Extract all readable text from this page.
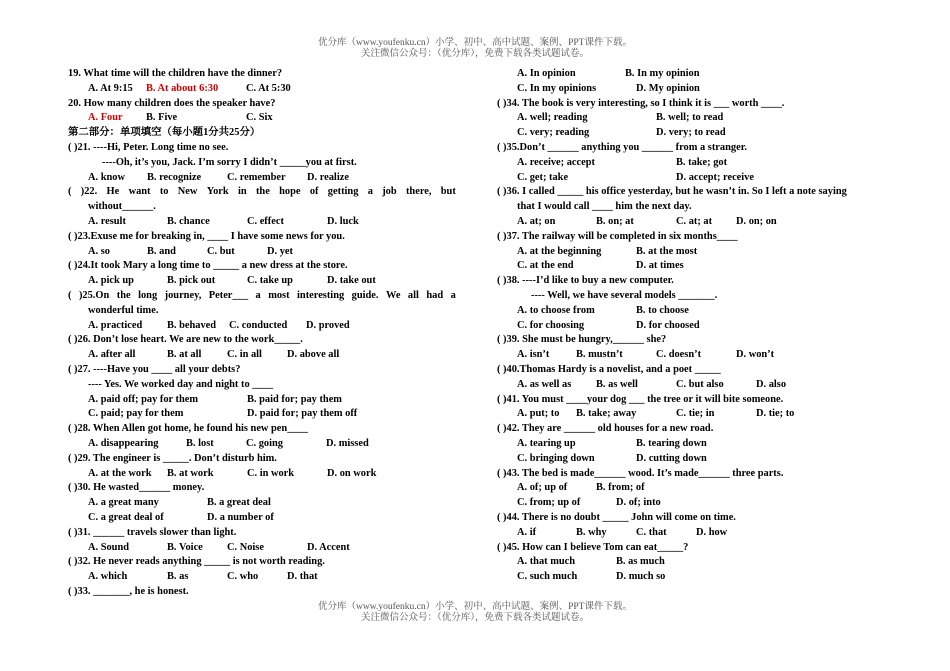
优分库（www.youfenku.cn）小学、初中、高中试题、案例、PPT课件下载。
关注微信公众号：（优分库），免费下载各类试题试卷。
19. What time will the children have the dinner?
A. At 9:15	B. At about 6:30	C. At 5:30
20. How many children does the speaker have?
A. Four	B. Five	C. Six
第二部分：单项填空（每小题1分共25分）
( )21. ----Hi, Peter. Long time no see.
----Oh, it’s you, Jack. I’m sorry I didn’t _____you at first.
A. know	B. recognize	C. remember	D. realize
( )22. He want to New York in the hope of getting a job there, but
without______.
A. result	B. chance	C. effect	D. luck
( )23.Exuse me for breaking in, ____ I have some news for you.
A. so	B. and	C. but	D. yet
( )24.It took Mary a long time to _____ a new dress at the store.
A. pick up	B. pick out	C. take up	D. take out
( )25.On the long journey, Peter___ a most interesting guide. We all had a
wonderful time.
A. practiced	B. behaved	C. conducted	D. proved
( )26. Don’t lose heart. We are new to the work_____.
A. after all	B. at all	C. in all	D. above all
( )27. ----Have you ____ all your debts?
---- Yes. We worked day and night to ____
A. paid off; pay for them	B. paid for; pay them
C. paid; pay for them	D. paid for; pay them off
( )28. When Allen got home, he found his new pen____
A. disappearing	B. lost	C. going	D. missed
( )29. The engineer is _____. Don’t disturb him.
A. at the work	B. at work	C. in work	D. on work
( )30. He wasted______ money.
A. a great many	B. a great deal
C. a great deal of	D. a number of
( )31. ______ travels slower than light.
A. Sound	B. Voice	C. Noise	D. Accent
( )32. He never reads anything _____ is not worth reading.
A. which	B. as	C. who	D. that
( )33. _______, he is honest.
A. In opinion	B. In my opinion
C. In my opinions	D. My opinion
( )34. The book is very interesting, so I think it is ___ worth ____.
A. well; reading	B. well; to read
C. very; reading	D. very; to read
( )35.Don’t ______ anything you ______ from a stranger.
A. receive; accept	B. take; got
C. get; take	D. accept; receive
( )36. I called _____ his office yesterday, but he wasn’t in. So I left a note saying
that I would call ____ him the next day.
A. at; on	B. on; at	C. at; at	D. on; on
( )37. The railway will be completed in six months____
A. at the beginning	B. at the most
C. at the end	D. at times
( )38. ----I’d like to buy a new computer.
---- Well, we have several models _______.
A. to choose from	B. to choose
C. for choosing	D. for choosed
( )39. She must be hungry,______ she?
A. isn’t	B. mustn’t	C. doesn’t	D. won’t
( )40.Thomas Hardy is a novelist, and a poet _____
A. as well as	B. as well	C. but also	D. also
( )41. You must ____your dog ___ the tree or it will bite someone.
A. put; to	B. take; away	C. tie; in	D. tie; to
( )42. They are ______ old houses for a new road.
A. tearing up	B. tearing down
C. bringing down	D. cutting down
( )43. The bed is made______ wood. It’s made______ three parts.
A. of; up of	B. from; of
C. from; up of	D. of; into
( )44. There is no doubt _____ John will come on time.
A. if	B. why	C. that	D. how
( )45. How can I believe Tom can eat_____?
A. that much	B. as much
C. such much	D. much so
优分库（www.youfenku.cn）小学、初中、高中试题、案例、PPT课件下载。
关注微信公众号：（优分库），免费下载各类试题试卷。
